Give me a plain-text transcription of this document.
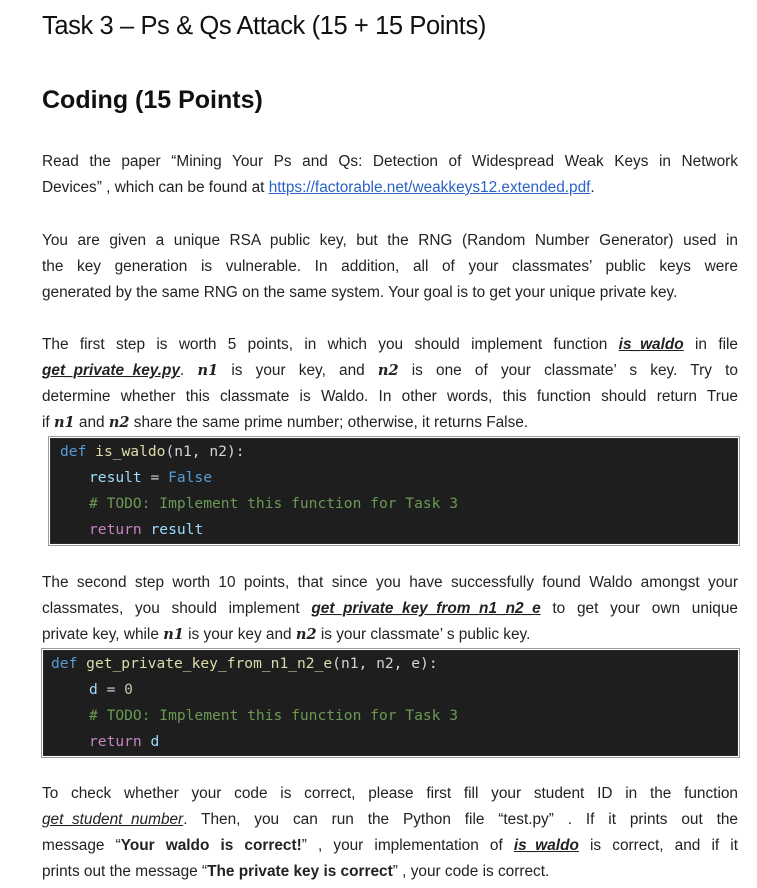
Task 3 – Ps & Qs Attack (15 + 15 Points)
Coding (15 Points)
Read the paper “Mining Your Ps and Qs: Detection of Widespread Weak Keys in Network
Devices” , which can be found at https://factorable.net/weakkeys12.extended.pdf.
You are given a unique RSA public key, but the RNG (Random Number Generator) used in
the key generation is vulnerable. In addition, all of your classmates’ public keys were
generated by the same RNG on the same system. Your goal is to get your unique private key.
The first step is worth 5 points, in which you should implement function is_waldo in file
get_private_key.py. n1 is your key, and n2 is one of your classmate’ s key. Try to
determine whether this classmate is Waldo. In other words, this function should return True
if n1 and n2 share the same prime number; otherwise, it returns False.
def is_waldo(n1, n2):
result = False
# TODO: Implement this function for Task 3
return result
The second step worth 10 points, that since you have successfully found Waldo amongst your
classmates, you should implement get_private_key_from_n1_n2_e to get your own unique
private key, while n1 is your key and n2 is your classmate’ s public key.
def get_private_key_from_n1_n2_e(n1, n2, e):
d = 0
# TODO: Implement this function for Task 3
return d
To check whether your code is correct, please first fill your student ID in the function
get_student_number. Then, you can run the Python file “test.py” . If it prints out the
message “Your waldo is correct!” , your implementation of is_waldo is correct, and if it
prints out the message “The private key is correct” , your code is correct.
